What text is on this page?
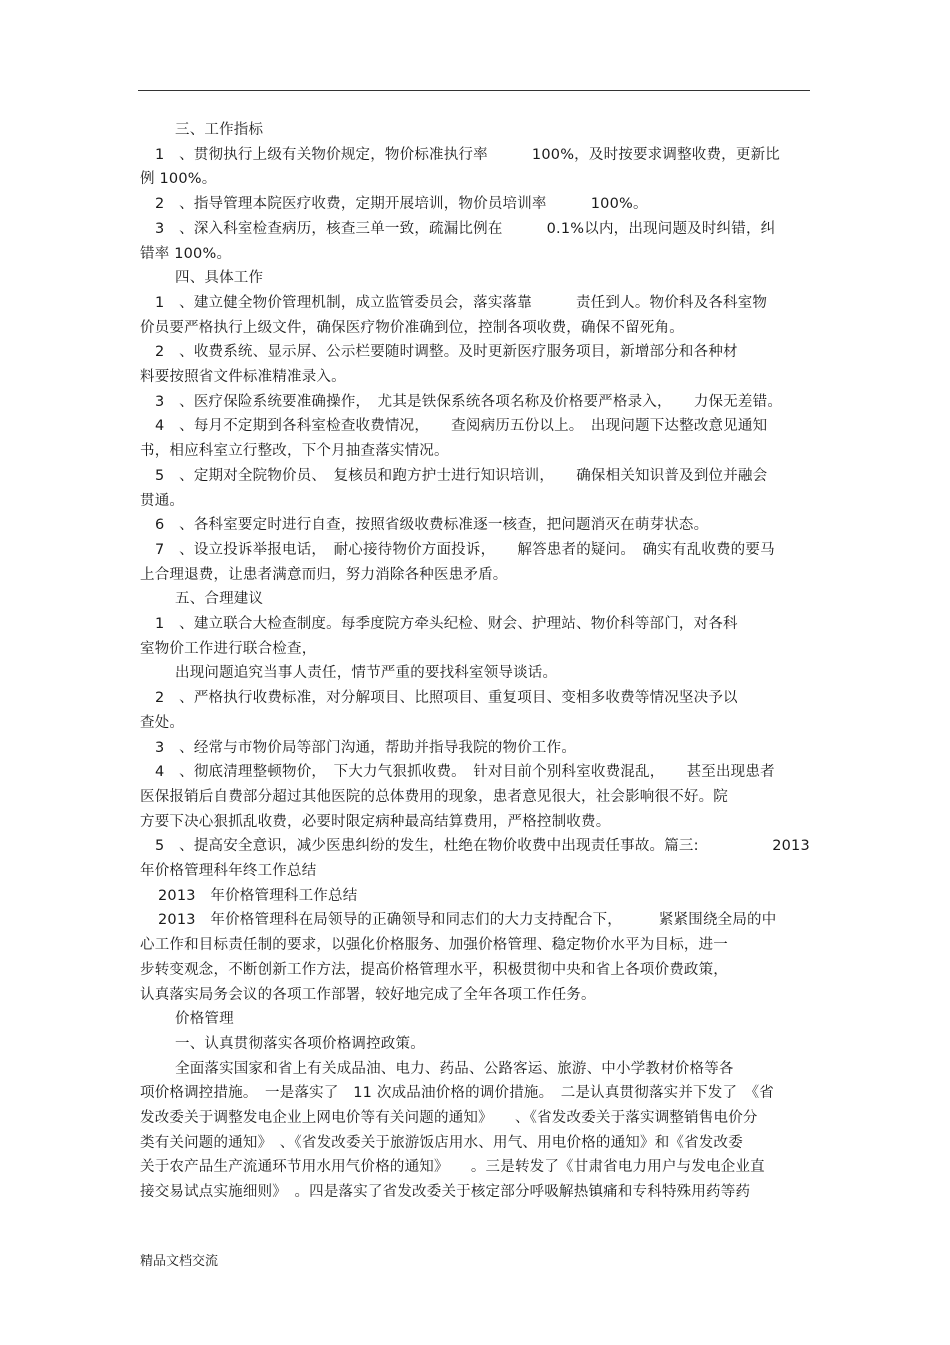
三、工作指标
1　、贯彻执行上级有关物价规定，物价标准执行率　　　100%，及时按要求调整收费，更新比
例 100%。
2　、指导管理本院医疗收费，定期开展培训，物价员培训率　　　100%。
3　、深入科室检查病历，核查三单一致，疏漏比例在　　　0.1%以内，出现问题及时纠错，纠
错率 100%。
四、具体工作
1　、建立健全物价管理机制，成立监管委员会，落实落靠　　　责任到人。物价科及各科室物
价员要严格执行上级文件，确保医疗物价准确到位，控制各项收费，确保不留死角。
2　、收费系统、显示屏、公示栏要随时调整。及时更新医疗服务项目，新增部分和各种材
料要按照省文件标准精准录入。
3　、医疗保险系统要准确操作，　尤其是铁保系统各项名称及价格要严格录入，　　力保无差错。
4　、每月不定期到各科室检查收费情况，　　查阅病历五份以上。　出现问题下达整改意见通知
书，相应科室立行整改，下个月抽查落实情况。
5　、定期对全院物价员、　复核员和跑方护士进行知识培训，　　确保相关知识普及到位并融会
贯通。
6　、各科室要定时进行自查，按照省级收费标准逐一核查，把问题消灭在萌芽状态。
7　、设立投诉举报电话，　耐心接待物价方面投诉，　　解答患者的疑问。　确实有乱收费的要马
上合理退费，让患者满意而归，努力消除各种医患矛盾。
五、合理建议
1　、建立联合大检查制度。每季度院方牵头纪检、财会、护理站、物价科等部门，对各科
室物价工作进行联合检查，
出现问题追究当事人责任，情节严重的要找科室领导谈话。
2　、严格执行收费标准，对分解项目、比照项目、重复项目、变相多收费等情况坚决予以
查处。
3　、经常与市物价局等部门沟通，帮助并指导我院的物价工作。
4　、彻底清理整顿物价，　下大力气狠抓收费。　针对目前个别科室收费混乱，　　甚至出现患者
医保报销后自费部分超过其他医院的总体费用的现象，患者意见很大，社会影响很不好。院
方要下决心狠抓乱收费，必要时限定病种最高结算费用，严格控制收费。
5　、提高安全意识，减少医患纠纷的发生，杜绝在物价收费中出现责任事故。篇三:　　　　　2013
年价格管理科年终工作总结
2013　年价格管理科工作总结
2013　年价格管理科在局领导的正确领导和同志们的大力支持配合下，　　　紧紧围绕全局的中
心工作和目标责任制的要求，以强化价格服务、加强价格管理、稳定物价水平为目标，进一
步转变观念，不断创新工作方法，提高价格管理水平，积极贯彻中央和省上各项价费政策，
认真落实局务会议的各项工作部署，较好地完成了全年各项工作任务。
价格管理
一、认真贯彻落实各项价格调控政策。
全面落实国家和省上有关成品油、电力、药品、公路客运、旅游、中小学教材价格等各
项价格调控措施。　一是落实了　11 次成品油价格的调价措施。　二是认真贯彻落实并下发了　《省
发改委关于调整发电企业上网电价等有关问题的通知》　　、《省发改委关于落实调整销售电价分
类有关问题的通知》　、《省发改委关于旅游饭店用水、用气、用电价格的通知》和《省发改委
关于农产品生产流通环节用水用气价格的通知》　　。三是转发了《甘肃省电力用户与发电企业直
接交易试点实施细则》　。四是落实了省发改委关于核定部分呼吸解热镇痛和专科特殊用药等药
精品文档交流
